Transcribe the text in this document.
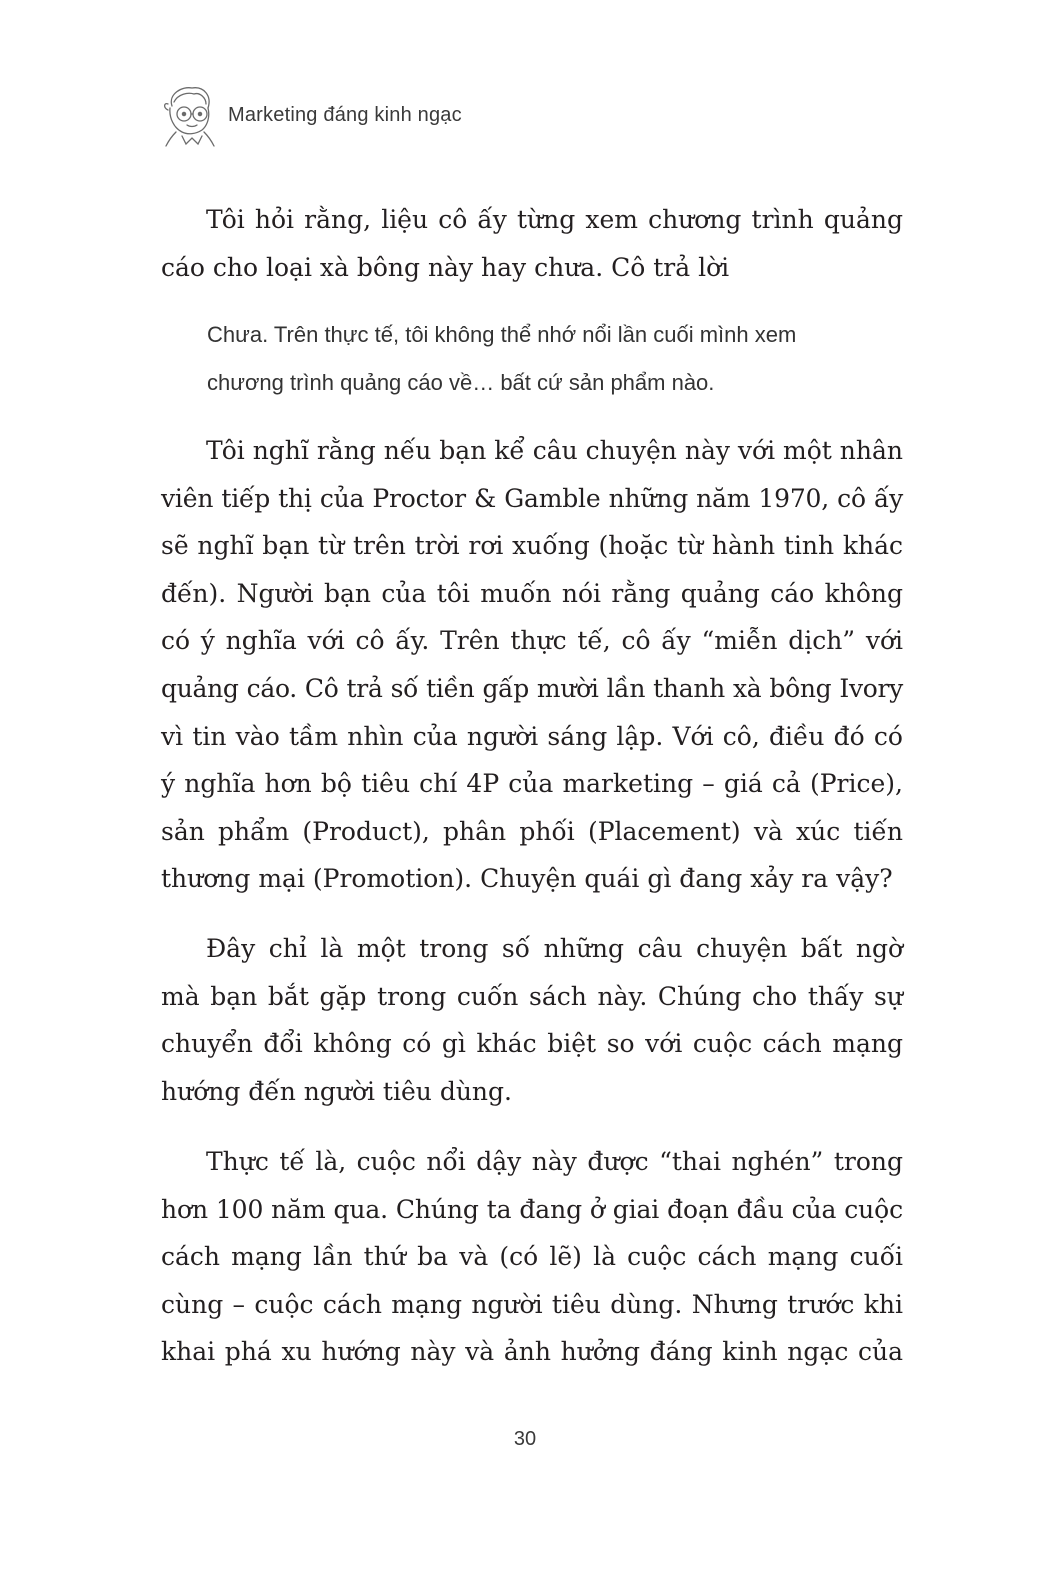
Marketing đáng kinh ngạc
Tôi hỏi rằng, liệu cô ấy từng xem chương trình quảng
cáo cho loại xà bông này hay chưa. Cô trả lời
Chưa. Trên thực tế, tôi không thể nhớ nổi lần cuối mình xem
chương trình quảng cáo về… bất cứ sản phẩm nào.
Tôi nghĩ rằng nếu bạn kể câu chuyện này với một nhân
viên tiếp thị của Proctor & Gamble những năm 1970, cô ấy
sẽ nghĩ bạn từ trên trời rơi xuống (hoặc từ hành tinh khác
đến). Người bạn của tôi muốn nói rằng quảng cáo không
có ý nghĩa với cô ấy. Trên thực tế, cô ấy “miễn dịch” với
quảng cáo. Cô trả số tiền gấp mười lần thanh xà bông Ivory
vì tin vào tầm nhìn của người sáng lập. Với cô, điều đó có
ý nghĩa hơn bộ tiêu chí 4P của marketing – giá cả (Price),
sản phẩm (Product), phân phối (Placement) và xúc tiến
thương mại (Promotion). Chuyện quái gì đang xảy ra vậy?
Đây chỉ là một trong số những câu chuyện bất ngờ
mà bạn bắt gặp trong cuốn sách này. Chúng cho thấy sự
chuyển đổi không có gì khác biệt so với cuộc cách mạng
hướng đến người tiêu dùng.
Thực tế là, cuộc nổi dậy này được “thai nghén” trong
hơn 100 năm qua. Chúng ta đang ở giai đoạn đầu của cuộc
cách mạng lần thứ ba và (có lẽ) là cuộc cách mạng cuối
cùng – cuộc cách mạng người tiêu dùng. Nhưng trước khi
khai phá xu hướng này và ảnh hưởng đáng kinh ngạc của
30
